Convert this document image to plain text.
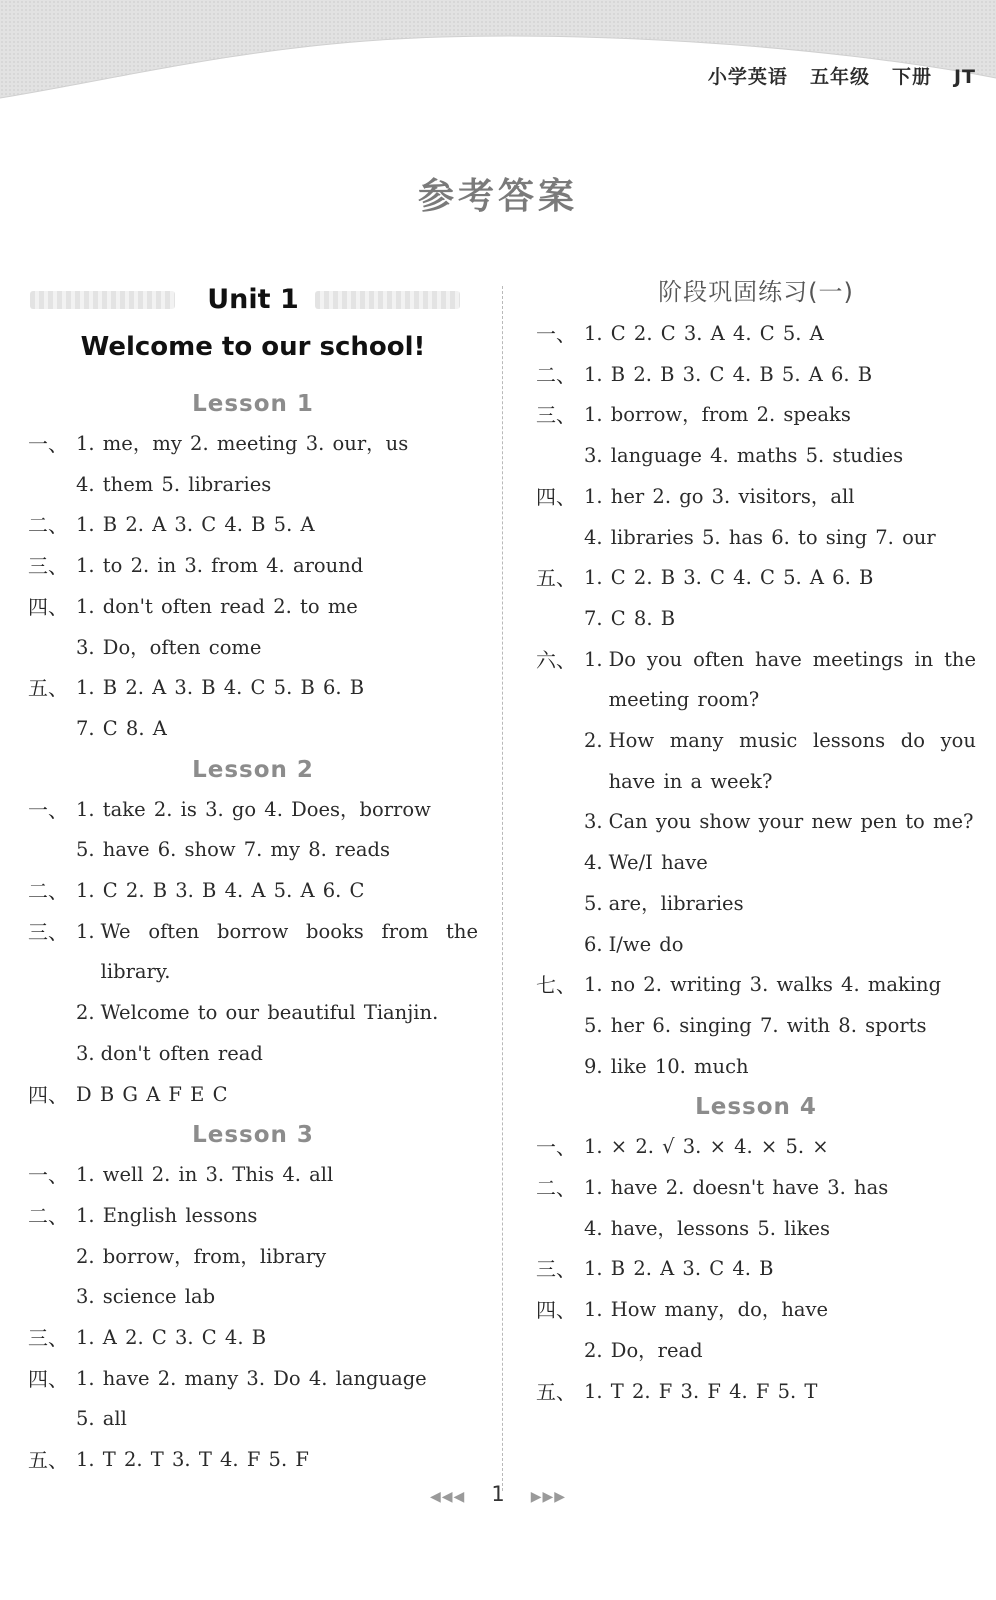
小学英语 五年级 下册 JT
参考答案
Unit 1
Welcome to our school!
Lesson 1
一、 1. me，my 2. meeting 3. our，us
4. them 5. libraries
二、 1. B 2. A 3. C 4. B 5. A
三、 1. to 2. in 3. from 4. around
四、 1. don't often read 2. to me
3. Do，often come
五、 1. B 2. A 3. B 4. C 5. B 6. B
7. C 8. A
Lesson 2
一、 1. take 2. is 3. go 4. Does，borrow
5. have 6. show 7. my 8. reads
二、 1. C 2. B 3. B 4. A 5. A 6. C
三、 1. We often borrow books from the library.
2. Welcome to our beautiful Tianjin.
3. don't often read
四、 D B G A F E C
Lesson 3
一、 1. well 2. in 3. This 4. all
二、 1. English lessons
2. borrow，from，library
3. science lab
三、 1. A 2. C 3. C 4. B
四、 1. have 2. many 3. Do 4. language
5. all
五、 1. T 2. T 3. T 4. F 5. F
阶段巩固练习(一)
一、 1. C 2. C 3. A 4. C 5. A
二、 1. B 2. B 3. C 4. B 5. A 6. B
三、 1. borrow，from 2. speaks
3. language 4. maths 5. studies
四、 1. her 2. go 3. visitors，all
4. libraries 5. has 6. to sing 7. our
五、 1. C 2. B 3. C 4. C 5. A 6. B
7. C 8. B
六、 1. Do you often have meetings in the meeting room?
2. How many music lessons do you have in a week?
3. Can you show your new pen to me?
4. We/I have
5. are，libraries
6. I/we do
七、 1. no 2. writing 3. walks 4. making
5. her 6. singing 7. with 8. sports
9. like 10. much
Lesson 4
一、 1. × 2. √ 3. × 4. × 5. ×
二、 1. have 2. doesn't have 3. has
4. have，lessons 5. likes
三、 1. B 2. A 3. C 4. B
四、 1. How many，do，have
2. Do，read
五、 1. T 2. F 3. F 4. F 5. T
◀◀◀ 1 ▶▶▶
